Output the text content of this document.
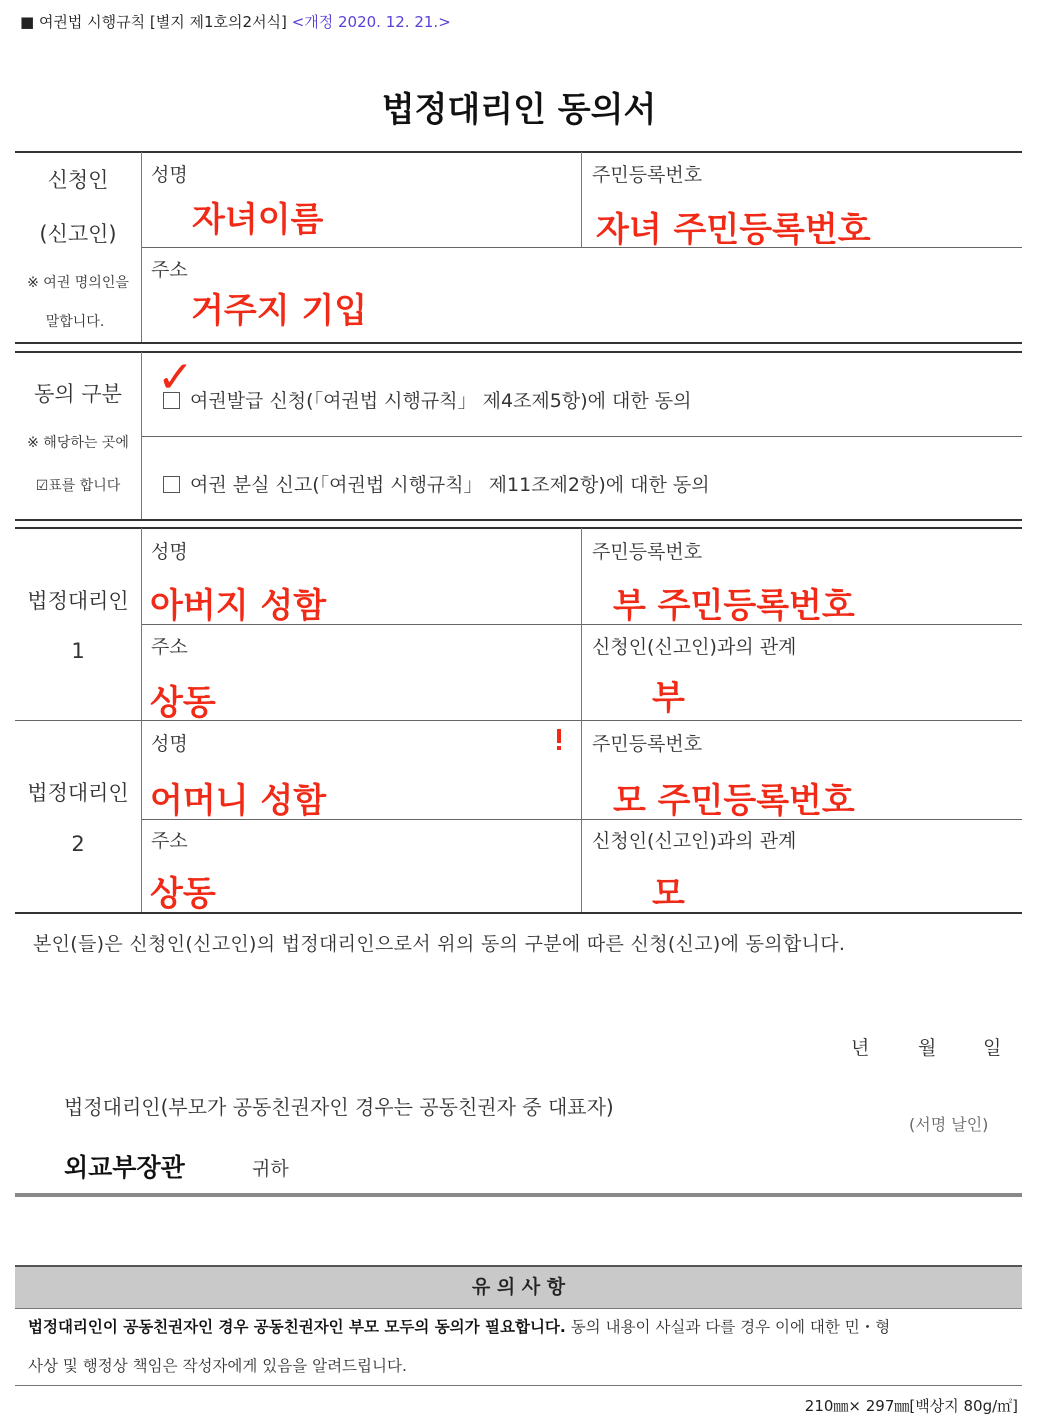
■ 여권법 시행규칙 [별지 제1호의2서식] <개정 2020. 12. 21.>
법정대리인 동의서
신청인
(신고인)
※ 여권 명의인을
말합니다.
성명
자녀이름
주민등록번호
자녀 주민등록번호
주소
거주지 기입
동의 구분
※ 해당하는 곳에
☑표를 합니다
여권발급 신청(「여권법 시행규칙」 제4조제5항)에 대한 동의
✓
여권 분실 신고(「여권법 시행규칙」 제11조제2항)에 대한 동의
법정대리인
1
성명
아버지 성함
주민등록번호
부 주민등록번호
주소
상동
신청인(신고인)과의 관계
부
법정대리인
2
성명
어머니 성함
주민등록번호
모 주민등록번호
주소
상동
신청인(신고인)과의 관계
모
본인(들)은 신청인(신고인)의 법정대리인으로서 위의 동의 구분에 따른 신청(신고)에 동의합니다.
년	월 일
법정대리인(부모가 공동친권자인 경우는 공동친권자 중 대표자)
(서명 날인)
외교부장관	귀하
유 의 사 항
법정대리인이 공동친권자인 경우 공동친권자인 부모 모두의 동의가 필요합니다. 동의 내용이 사실과 다를 경우 이에 대한 민・형
사상 및 행정상 책임은 작성자에게 있음을 알려드립니다.
210㎜× 297㎜[백상지 80g/㎡]
